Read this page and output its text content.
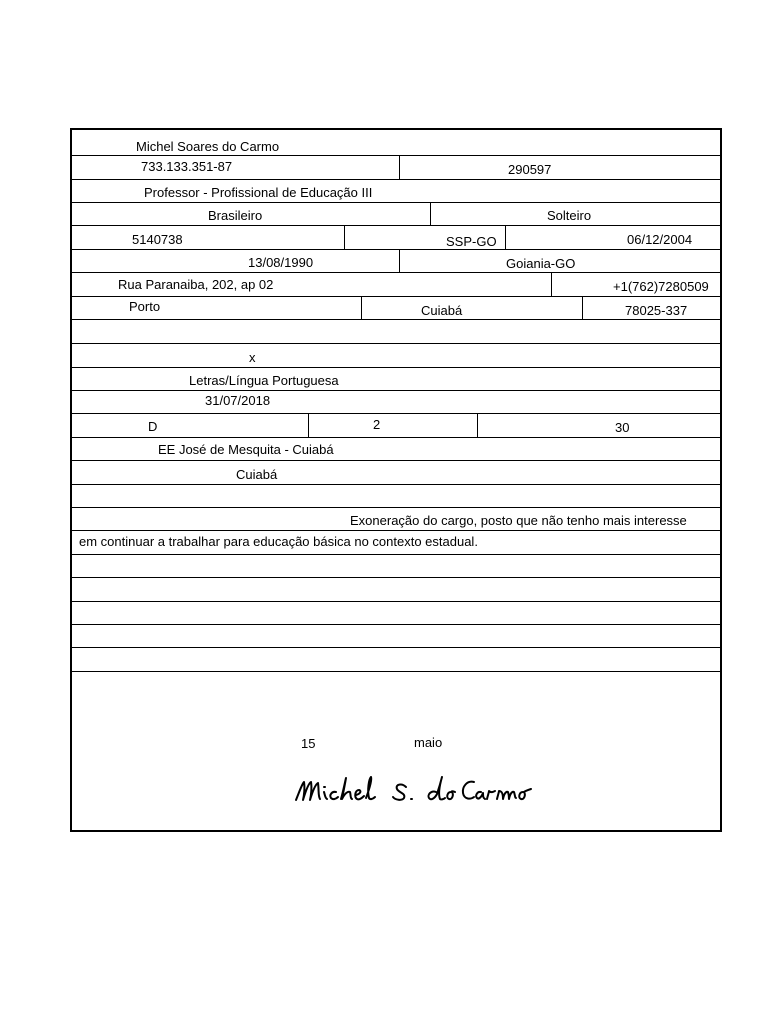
Michel Soares do Carmo
733.133.351-87	290597
Professor - Profissional de Educação III
Brasileiro	Solteiro
5140738	SSP-GO	06/12/2004
13/08/1990	Goiania-GO
Rua Paranaiba, 202, ap 02	+1(762)7280509
Porto	Cuiabá	78025-337
x
Letras/Língua Portuguesa
31/07/2018
D	2	30
EE José de Mesquita - Cuiabá
Cuiabá
Exoneração do cargo, posto que não tenho mais interesse
em continuar a trabalhar para educação básica no contexto estadual.
15	maio
